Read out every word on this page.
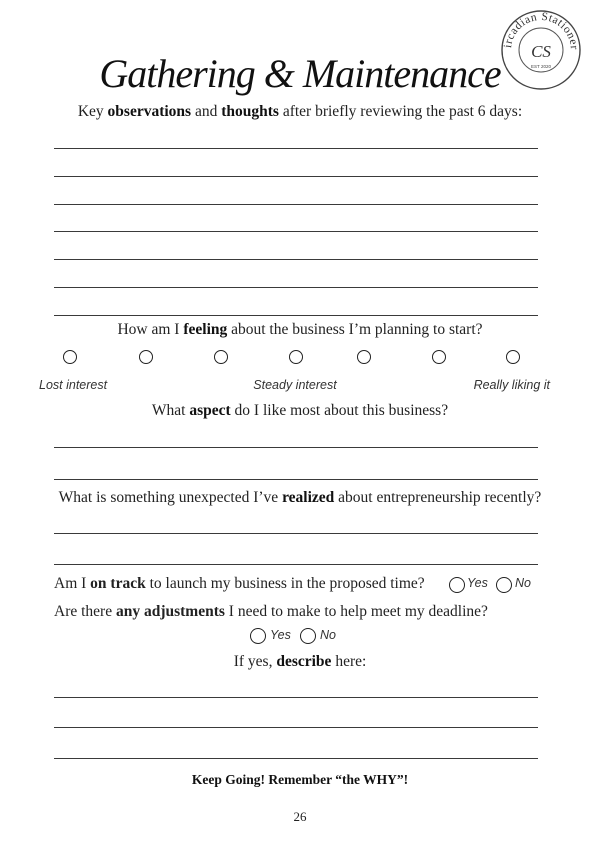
Gathering & Maintenance
ircadian Stationer
CS
EST 2020
Key observations and thoughts after briefly reviewing the past 6 days:
How am I feeling about the business I’m planning to start?
Lost interest	Steady interest	Really liking it
What aspect do I like most about this business?
What is something unexpected I’ve realized about entrepreneurship recently?
Am I on track to launch my business in the proposed time?	Yes No
Are there any adjustments I need to make to help meet my deadline?
Yes No
If yes, describe here:
Keep Going! Remember “the WHY”!
26
